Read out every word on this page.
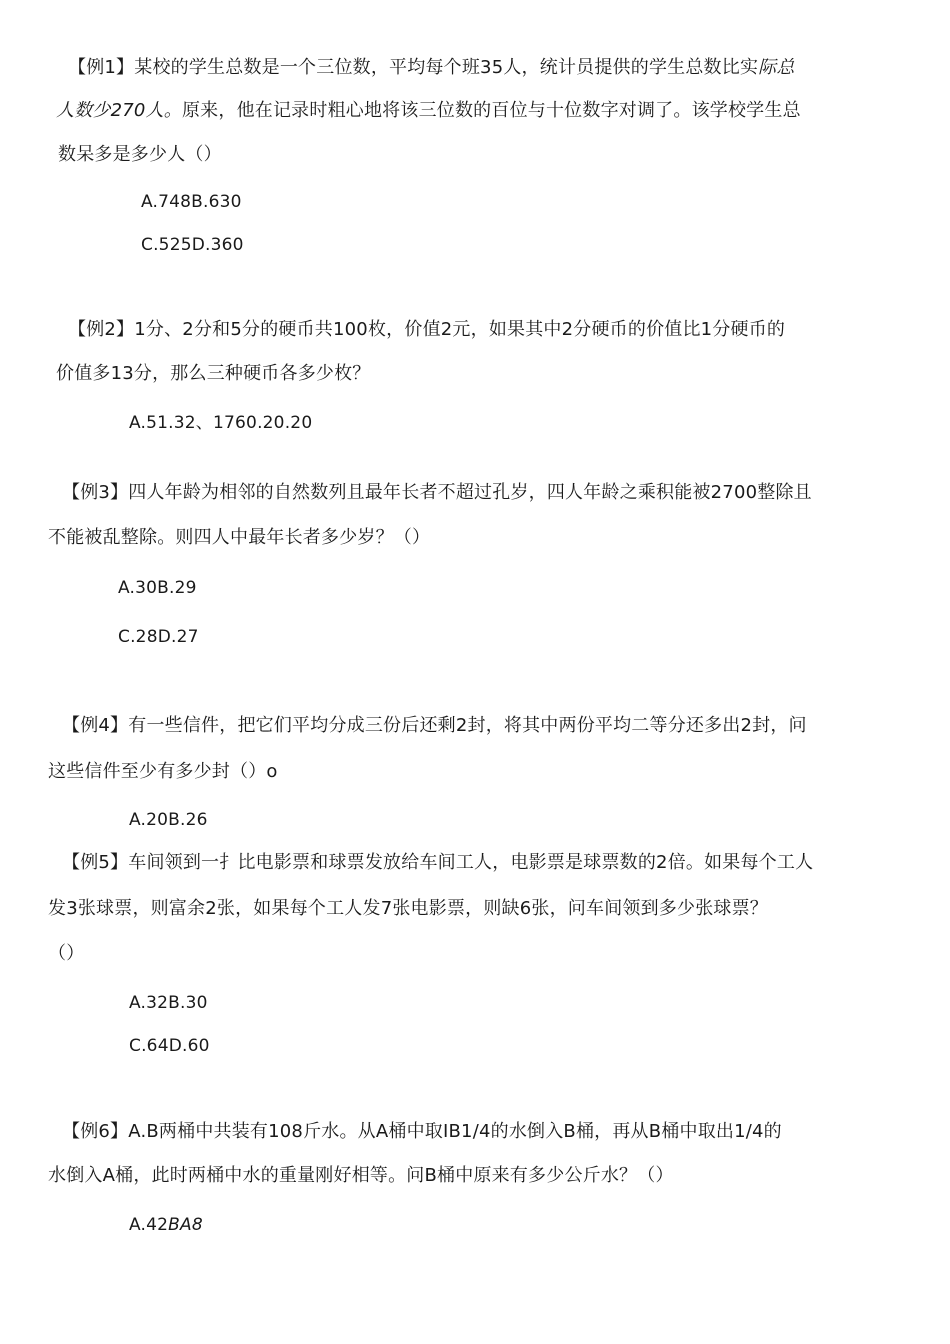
【例1】某校的学生总数是一个三位数，平均每个班35人，统计员提供的学生总数比实际总
人数少270人。原来，他在记录时粗心地将该三位数的百位与十位数字对调了。该学校学生总
数呆多是多少人（）
A.748B.630
C.525D.360
【例2】1分、2分和5分的硬币共100枚，价值2元，如果其中2分硬币的价值比1分硬币的
价值多13分，那么三种硬币各多少枚？
A.51.32、1760.20.20
【例3】四人年龄为相邻的自然数列且最年长者不超过孔岁，四人年龄之乘积能被2700整除且
不能被乱整除。则四人中最年长者多少岁？（）
A.30B.29
C.28D.27
【例4】有一些信件，把它们平均分成三份后还剩2封，将其中两份平均二等分还多出2封，问
这些信件至少有多少封（）o
A.20B.26
【例5】车间领到一扌比电影票和球票发放给车间工人，电影票是球票数的2倍。如果每个工人
发3张球票，则富余2张，如果每个工人发7张电影票，则缺6张，问车间领到多少张球票？
（）
A.32B.30
C.64D.60
【例6】A.B两桶中共装有108斤水。从A桶中取IB1/4的水倒入B桶，再从B桶中取出1/4的
水倒入A桶，此时两桶中水的重量刚好相等。问B桶中原来有多少公斤水？（）
A.42BA8
